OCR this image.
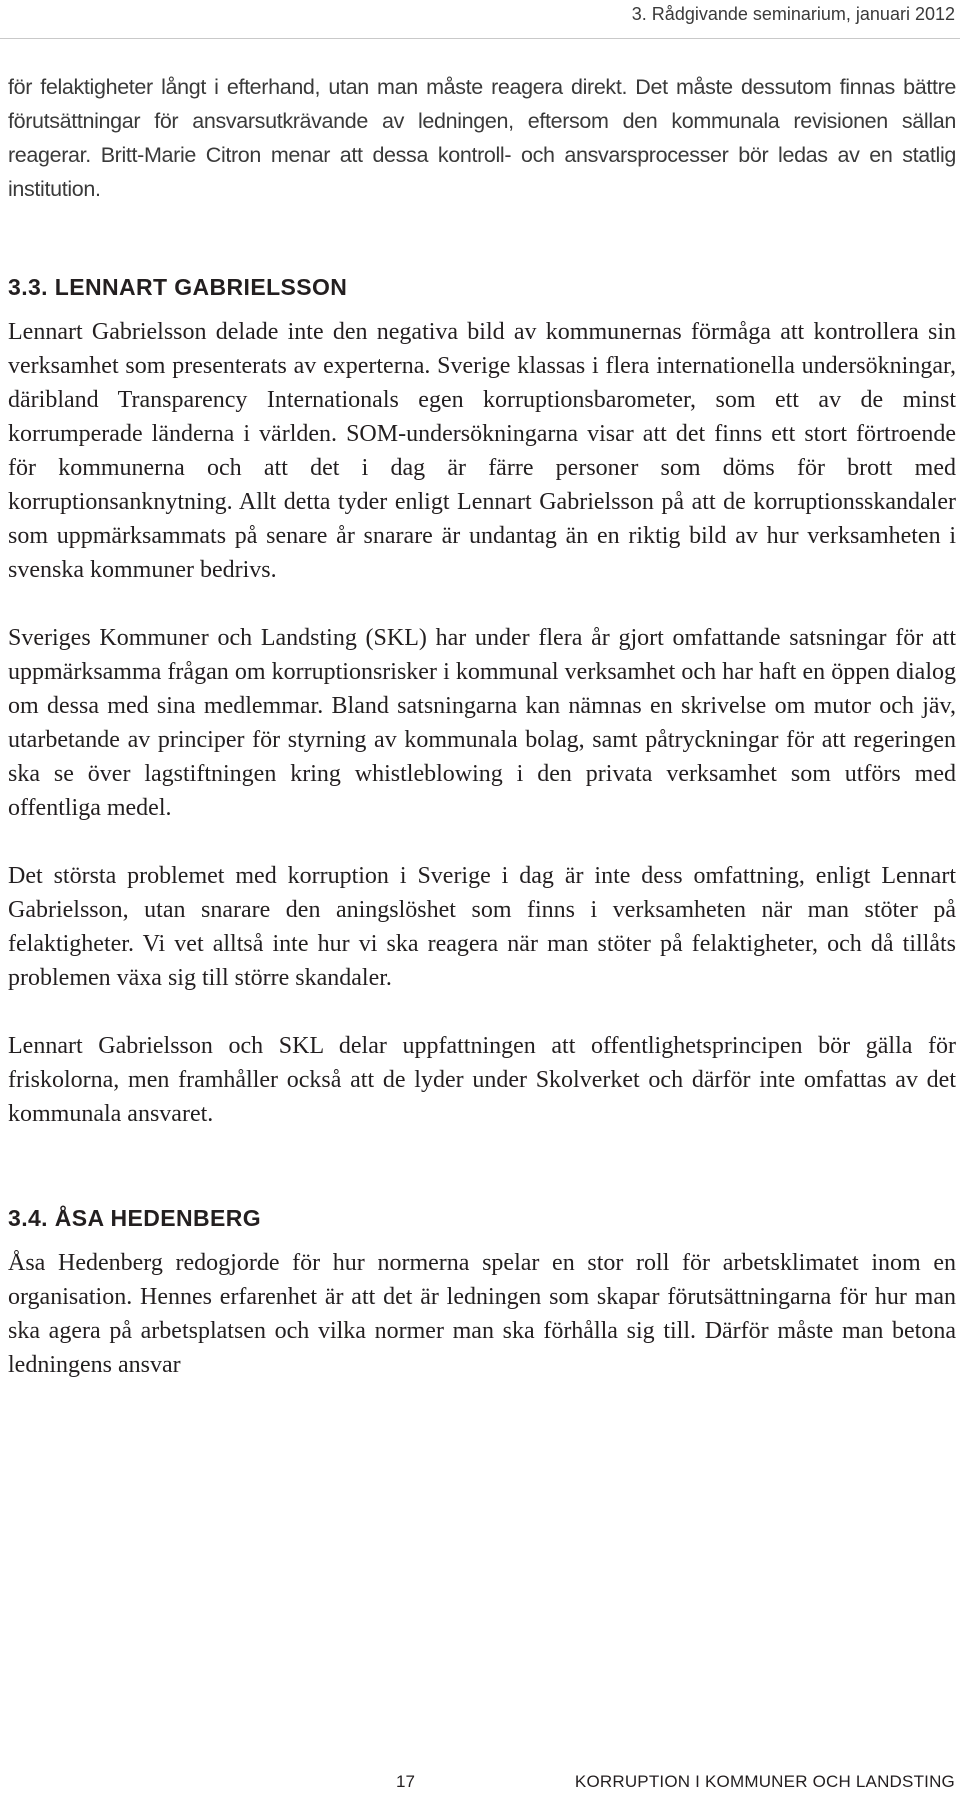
3. Rådgivande seminarium, januari 2012

för felaktigheter långt i efterhand, utan man måste reagera direkt. Det måste dessutom finnas bättre förutsättningar för ansvarsutkrävande av ledningen, eftersom den kommunala revisionen sällan reagerar. Britt-Marie Citron menar att dessa kontroll- och ansvarsprocesser bör ledas av en statlig institution.

3.3. LENNART GABRIELSSON

Lennart Gabrielsson delade inte den negativa bild av kommunernas förmåga att kontrollera sin verksamhet som presenterats av experterna. Sverige klassas i flera internationella undersökningar, däribland Transparency Internationals egen korruptionsbarometer, som ett av de minst korrumperade länderna i världen. SOM-undersökningarna visar att det finns ett stort förtroende för kommunerna och att det i dag är färre personer som döms för brott med korruptionsanknytning. Allt detta tyder enligt Lennart Gabrielsson på att de korruptionsskandaler som uppmärksammats på senare år snarare är undantag än en riktig bild av hur verksamheten i svenska kommuner bedrivs.

Sveriges Kommuner och Landsting (SKL) har under flera år gjort omfattande satsningar för att uppmärksamma frågan om korruptionsrisker i kommunal verksamhet och har haft en öppen dialog om dessa med sina medlemmar. Bland satsningarna kan nämnas en skrivelse om mutor och jäv, utarbetande av principer för styrning av kommunala bolag, samt påtryckningar för att regeringen ska se över lagstiftningen kring whistleblowing i den privata verksamhet som utförs med offentliga medel.

Det största problemet med korruption i Sverige i dag är inte dess omfattning, enligt Lennart Gabrielsson, utan snarare den aningslöshet som finns i verksamheten när man stöter på felaktigheter. Vi vet alltså inte hur vi ska reagera när man stöter på felaktigheter, och då tillåts problemen växa sig till större skandaler.

Lennart Gabrielsson och SKL delar uppfattningen att offentlighetsprincipen bör gälla för friskolorna, men framhåller också att de lyder under Skolverket och därför inte omfattas av det kommunala ansvaret.

3.4. ÅSA HEDENBERG

Åsa Hedenberg redogjorde för hur normerna spelar en stor roll för arbetsklimatet inom en organisation. Hennes erfarenhet är att det är ledningen som skapar förutsättningarna för hur man ska agera på arbetsplatsen och vilka normer man ska förhålla sig till. Därför måste man betona ledningens ansvar

17	KORRUPTION I KOMMUNER OCH LANDSTING
